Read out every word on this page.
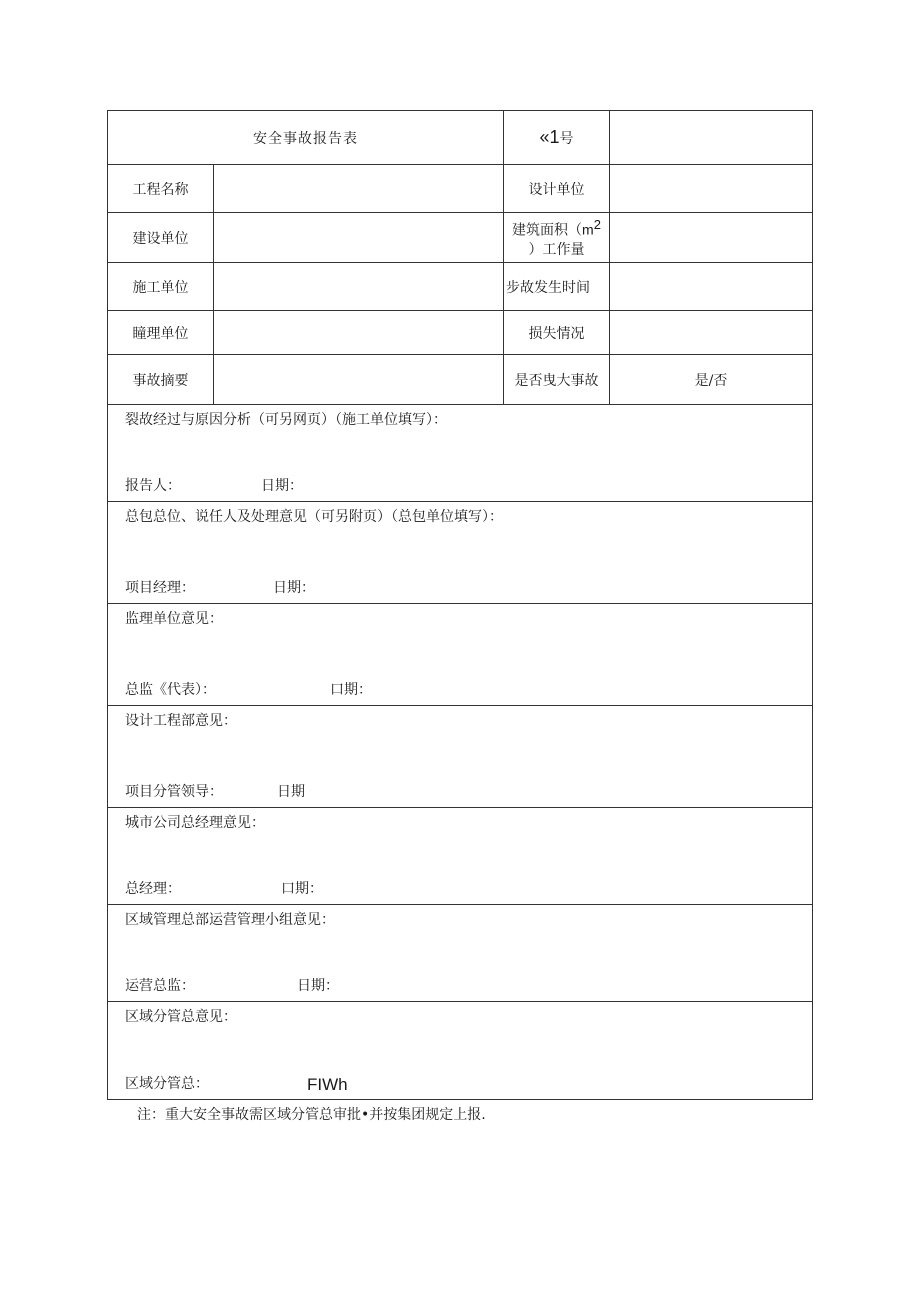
安全事故报告表		«1号	
工程名称		设计单位	
建设单位		建筑面积（$m^2$
）工作量	
施工单位		步故发生时间	
瞳理单位		损失情况	
事故摘要		是否曳大事故	是/否

裂故经过与原因分析（可另网页）（施工单位填写）：
报告人： 日期：			

总包总位、说任人及处理意见（可另附页）（总包单位填写）：
项目经理： 日期：			

监理单位意见：
总监《代表）： 口期：			

设计工程部意见：
项目分管领导： 日期			

城市公司总经理意见：
总经理： 口期：			

区域管理总部运营管理小组意见：
运营总监： 日期：			

区域分管总意见：
区域分管总： FIWh			
注：重大安全事故需区域分管总审批•并按集团规定上报.
